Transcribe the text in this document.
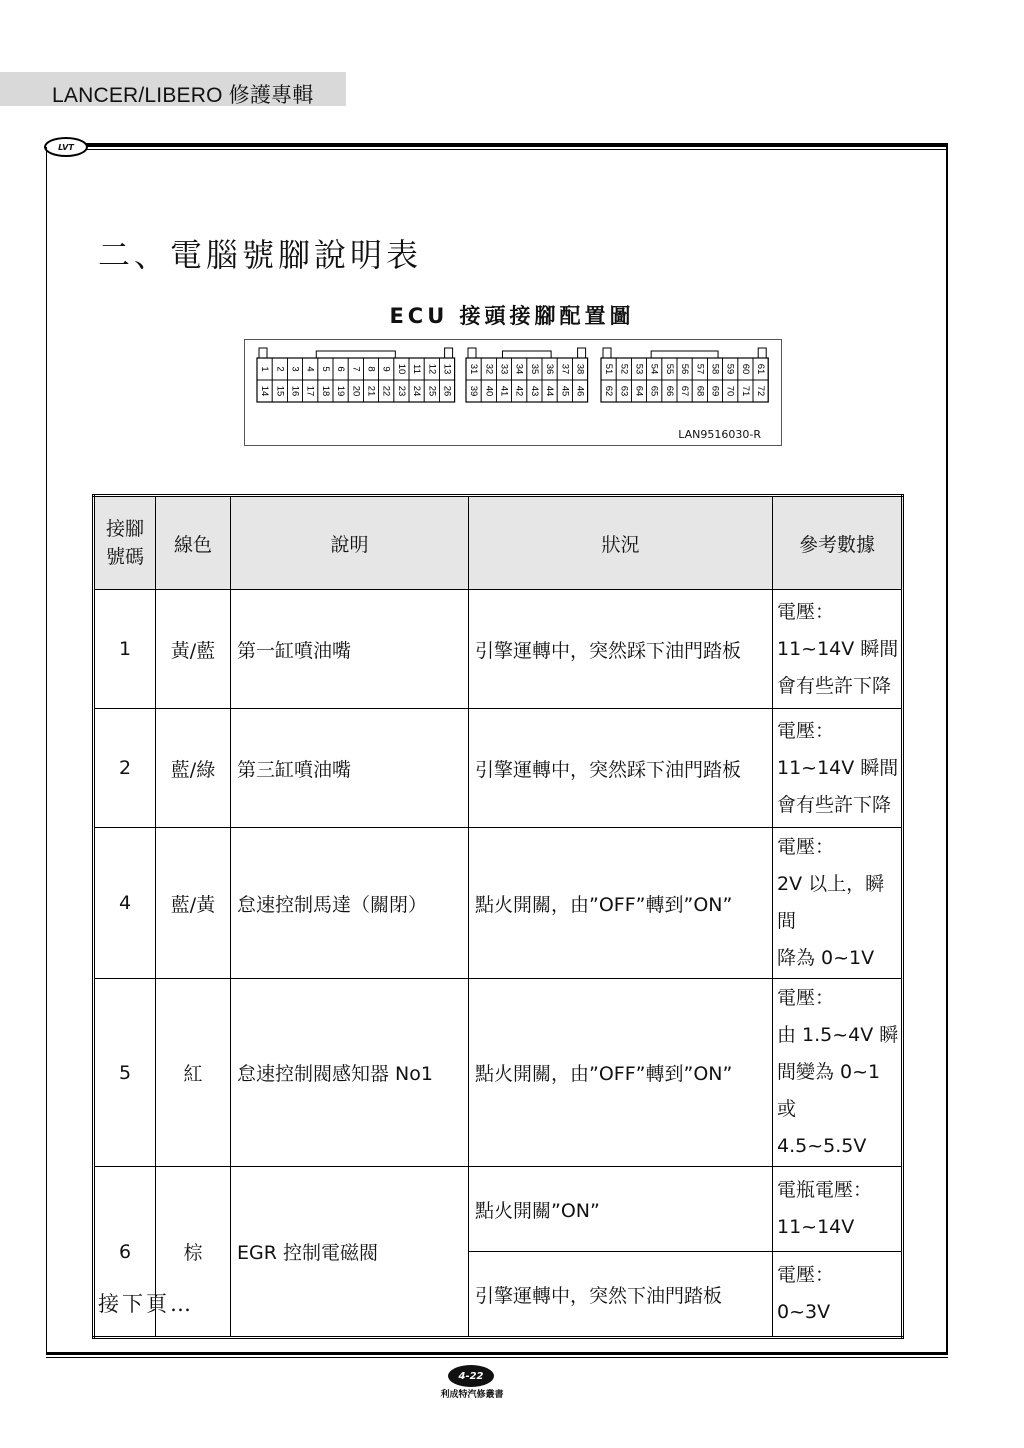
LANCER/LIBERO 修護專輯
LVT
二、電腦號腳說明表
ECU 接頭接腳配置圖
1 2 3 4 5 6 7 8 9 10 11 12 13
14 15 16 17 18 19 20 21 22 23 24 25 26
31 32 33 34 35 36 37 38
39 40 41 42 43 44 45 46
51 52 53 54 55 56 57 58 59 60 61
62 63 64 65 66 67 68 69 70 71 72
LAN9516030-R
接腳
號碼	線色	說明	狀況	參考數據
1	黃/藍	第一缸噴油嘴	引擎運轉中，突然踩下油門踏板	電壓：
11~14V 瞬間
會有些許下降
2	藍/綠	第三缸噴油嘴	引擎運轉中，突然踩下油門踏板	電壓：
11~14V 瞬間
會有些許下降
4	藍/黃	怠速控制馬達（關閉）	點火開關，由”OFF”轉到”ON”	電壓：
2V 以上，瞬間
降為 0~1V
5	紅	怠速控制閥感知器 No1	點火開關，由”OFF”轉到”ON”	電壓：
由 1.5~4V 瞬
間變為 0~1 或
4.5~5.5V
6	棕	EGR 控制電磁閥	點火開關”ON”	電瓶電壓：
11~14V
			引擎運轉中，突然下油門踏板	電壓：
0~3V
接下頁…
4-22
利成特汽修叢書
